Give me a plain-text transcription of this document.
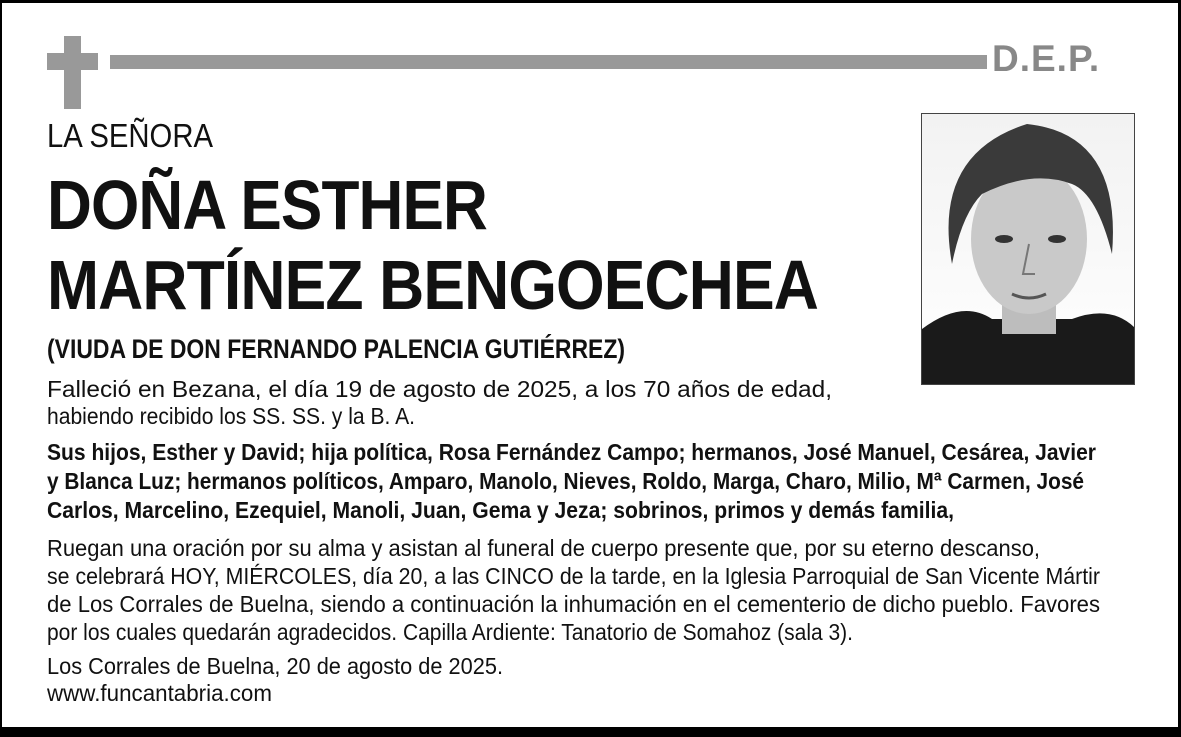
D.E.P.
LA SEÑORA
DOÑA ESTHER
MARTÍNEZ BENGOECHEA
(VIUDA DE DON FERNANDO PALENCIA GUTIÉRREZ)
Falleció en Bezana, el día 19 de agosto de 2025, a los 70 años de edad,
habiendo recibido los SS. SS. y la B. A.
Sus hijos, Esther y David; hija política, Rosa Fernández Campo; hermanos, José Manuel, Cesárea, Javier
y Blanca Luz; hermanos políticos, Amparo, Manolo, Nieves, Roldo, Marga, Charo, Milio, Mª Carmen, José
Carlos, Marcelino, Ezequiel, Manoli, Juan, Gema y Jeza; sobrinos, primos y demás familia,
Ruegan una oración por su alma y asistan al funeral de cuerpo presente que, por su eterno descanso,
se celebrará HOY, MIÉRCOLES, día 20, a las CINCO de la tarde, en la Iglesia Parroquial de San Vicente Mártir
de Los Corrales de Buelna, siendo a continuación la inhumación en el cementerio de dicho pueblo. Favores
por los cuales quedarán agradecidos. Capilla Ardiente: Tanatorio de Somahoz (sala 3).
Los Corrales de Buelna, 20 de agosto de 2025.
www.funcantabria.com
